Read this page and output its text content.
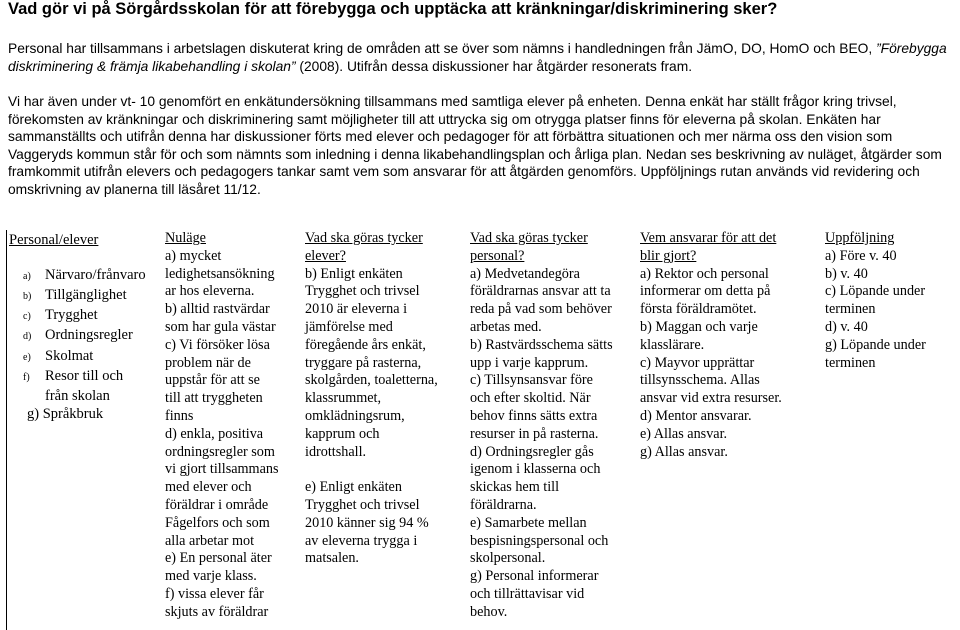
Vad gör vi på Sörgårdsskolan för att förebygga och upptäcka att kränkningar/diskriminering sker?

Personal har tillsammans i arbetslagen diskuterat kring de områden att se över som nämns i handledningen från JämO, DO, HomO och BEO, ”Förebygga diskriminering & främja likabehandling i skolan” (2008). Utifrån dessa diskussioner har åtgärder resonerats fram.

Vi har även under vt- 10 genomfört en enkätundersökning tillsammans med samtliga elever på enheten. Denna enkät har ställt frågor kring trivsel, förekomsten av kränkningar och diskriminering samt möjligheter till att uttrycka sig om otrygga platser finns för eleverna på skolan. Enkäten har sammanställts och utifrån denna har diskussioner förts med elever och pedagoger för att förbättra situationen och mer närma oss den vision som Vaggeryds kommun står för och som nämnts som inledning i denna likabehandlingsplan och årliga plan. Nedan ses beskrivning av nuläget, åtgärder som framkommit utifrån elevers och pedagogers tankar samt vem som ansvarar för att åtgärden genomförs. Uppföljnings rutan används vid revidering och omskrivning av planerna till läsåret 11/12.

Personal/elever
a) Närvaro/frånvaro
b) Tillgänglighet
c) Trygghet
d) Ordningsregler
e) Skolmat
f) Resor till och
från skolan
g) Språkbruk
Nuläge
a) mycket
ledighetsansökning
ar hos eleverna.
b) alltid rastvärdar
som har gula västar
c) Vi försöker lösa
problem när de
uppstår för att se
till att tryggheten
finns
d) enkla, positiva
ordningsregler som
vi gjort tillsammans
med elever och
föräldrar i område
Fågelfors och som
alla arbetar mot
e) En personal äter
med varje klass.
f) vissa elever får
skjuts av föräldrar
Vad ska göras tycker
elever?
b) Enligt enkäten
Trygghet och trivsel
2010 är eleverna i
jämförelse med
föregående års enkät,
tryggare på rasterna,
skolgården, toaletterna,
klassrummet,
omklädningsrum,
kapprum och
idrottshall.
e) Enligt enkäten
Trygghet och trivsel
2010 känner sig 94 %
av eleverna trygga i
matsalen.
Vad ska göras tycker
personal?
a) Medvetandegöra
föräldrarnas ansvar att ta
reda på vad som behöver
arbetas med.
b) Rastvärdsschema sätts
upp i varje kapprum.
c) Tillsynsansvar före
och efter skoltid. När
behov finns sätts extra
resurser in på rasterna.
d) Ordningsregler gås
igenom i klasserna och
skickas hem till
föräldrarna.
e) Samarbete mellan
bespisningspersonal och
skolpersonal.
g) Personal informerar
och tillrättavisar vid
behov.
Vem ansvarar för att det
blir gjort?
a) Rektor och personal
informerar om detta på
första föräldramötet.
b) Maggan och varje
klasslärare.
c) Mayvor upprättar
tillsynsschema. Allas
ansvar vid extra resurser.
d) Mentor ansvarar.
e) Allas ansvar.
g) Allas ansvar.
Uppföljning
a) Före v. 40
b) v. 40
c) Löpande under
terminen
d) v. 40
g) Löpande under
terminen
